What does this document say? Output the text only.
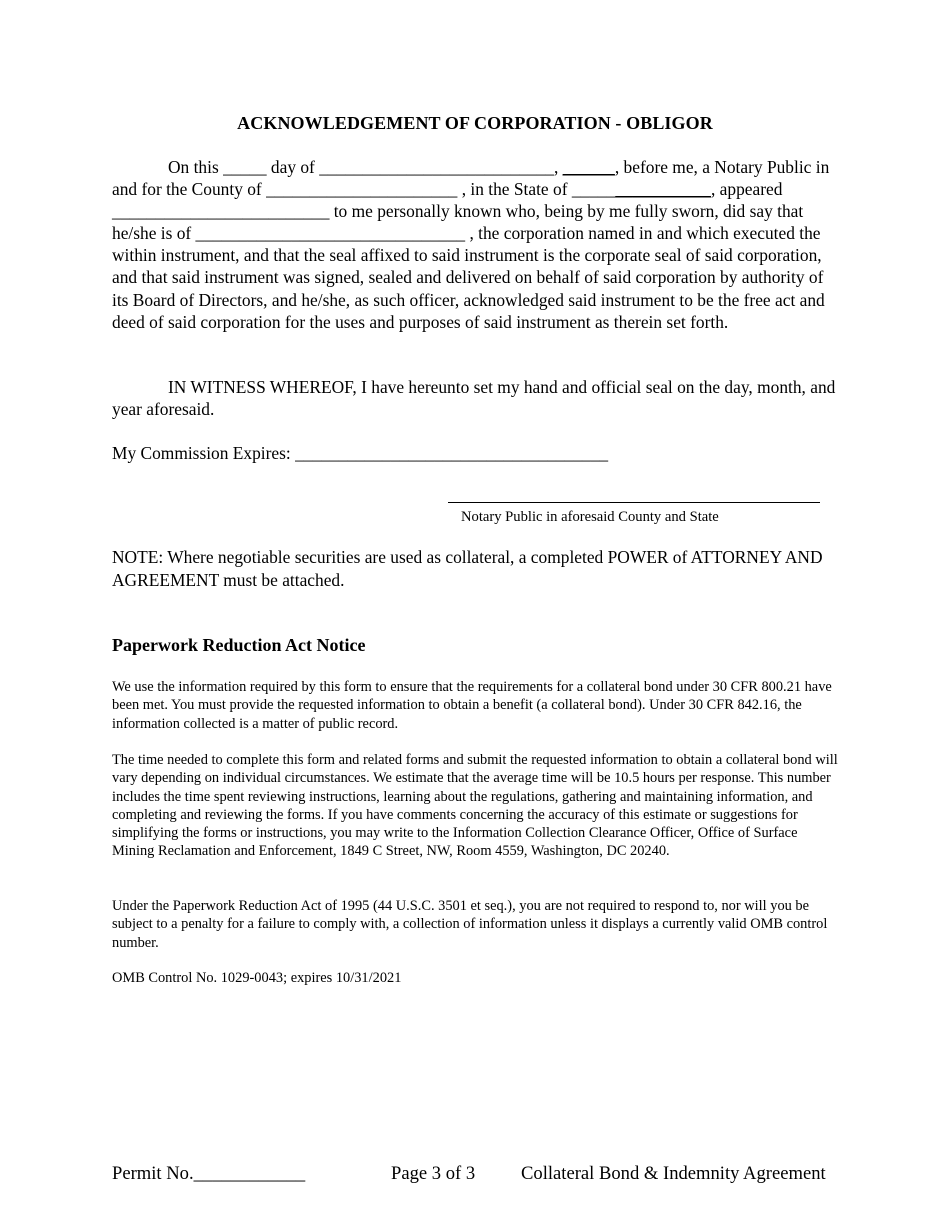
ACKNOWLEDGEMENT OF CORPORATION - OBLIGOR
On this _____ day of ___________________________, ______, before me, a Notary Public in and for the County of ______________________ , in the State of ________________, appeared _________________________ to me personally known who, being by me fully sworn, did say that he/she is of _______________________________ , the corporation named in and which executed the within instrument, and that the seal affixed to said instrument is the corporate seal of said corporation, and that said instrument was signed, sealed and delivered on behalf of said corporation by authority of its Board of Directors, and he/she, as such officer, acknowledged said instrument to be the free act and deed of said corporation for the uses and purposes of said instrument as therein set forth.
IN WITNESS WHEREOF, I have hereunto set my hand and official seal on the day, month, and year aforesaid.
My Commission Expires: ____________________________________
Notary Public in aforesaid County and State
NOTE: Where negotiable securities are used as collateral, a completed POWER of ATTORNEY AND AGREEMENT must be attached.
Paperwork Reduction Act Notice
We use the information required by this form to ensure that the requirements for a collateral bond under 30 CFR 800.21 have been met. You must provide the requested information to obtain a benefit (a collateral bond). Under 30 CFR 842.16, the information collected is a matter of public record.
The time needed to complete this form and related forms and submit the requested information to obtain a collateral bond will vary depending on individual circumstances. We estimate that the average time will be 10.5 hours per response. This number includes the time spent reviewing instructions, learning about the regulations, gathering and maintaining information, and completing and reviewing the forms. If you have comments concerning the accuracy of this estimate or suggestions for simplifying the forms or instructions, you may write to the Information Collection Clearance Officer, Office of Surface Mining Reclamation and Enforcement, 1849 C Street, NW, Room 4559, Washington, DC 20240.
Under the Paperwork Reduction Act of 1995 (44 U.S.C. 3501 et seq.), you are not required to respond to, nor will you be subject to a penalty for a failure to comply with, a collection of information unless it displays a currently valid OMB control number.
OMB Control No. 1029-0043; expires 10/31/2021
Permit No.____________	Page 3 of 3 Collateral Bond & Indemnity Agreement
